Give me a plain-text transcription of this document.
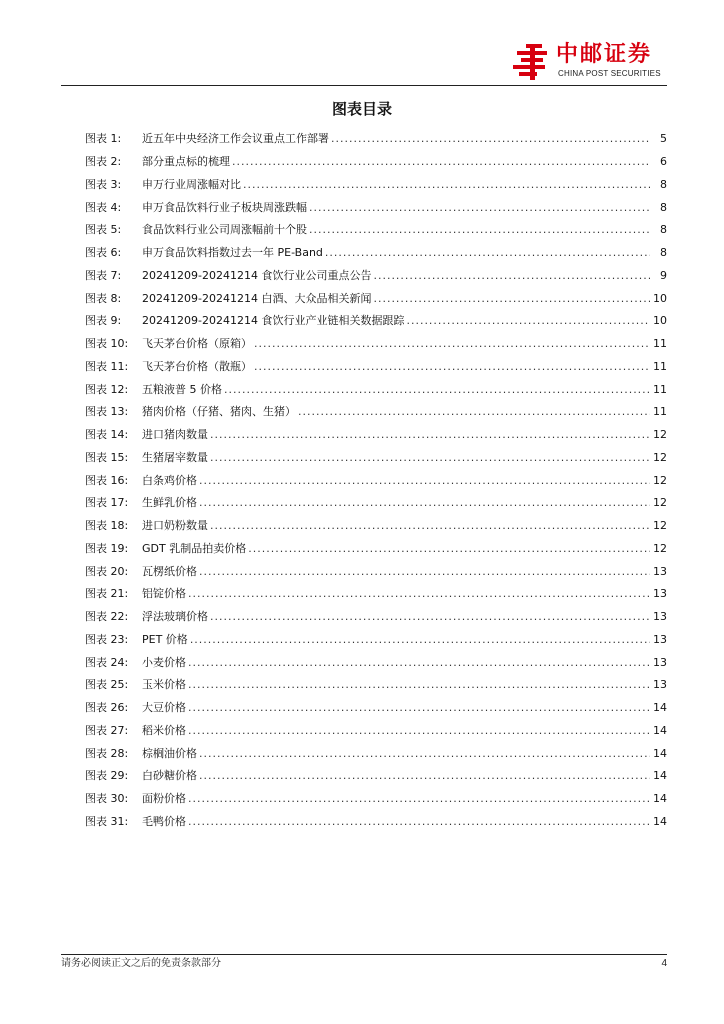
中邮证券
CHINA POST SECURITIES
图表目录
图表 1:	近五年中央经济工作会议重点工作部署 .....	5
图表 2:	部分重点标的梳理 .....	6
图表 3:	申万行业周涨幅对比 .....	8
图表 4:	申万食品饮料行业子板块周涨跌幅 .....	8
图表 5:	食品饮料行业公司周涨幅前十个股 .....	8
图表 6:	申万食品饮料指数过去一年 PE-Band .....	8
图表 7:	20241209-20241214 食饮行业公司重点公告 .....	9
图表 8:	20241209-20241214 白酒、大众品相关新闻 .....	10
图表 9:	20241209-20241214 食饮行业产业链相关数据跟踪 .....	10
图表 10:	飞天茅台价格（原箱） .....	11
图表 11:	飞天茅台价格（散瓶） .....	11
图表 12:	五粮液普 5 价格 .....	11
图表 13:	猪肉价格（仔猪、猪肉、生猪） .....	11
图表 14:	进口猪肉数量 .....	12
图表 15:	生猪屠宰数量 .....	12
图表 16:	白条鸡价格 .....	12
图表 17:	生鲜乳价格 .....	12
图表 18:	进口奶粉数量 .....	12
图表 19:	GDT 乳制品拍卖价格 .....	12
图表 20:	瓦楞纸价格 .....	13
图表 21:	铝锭价格 .....	13
图表 22:	浮法玻璃价格 .....	13
图表 23:	PET 价格 .....	13
图表 24:	小麦价格 .....	13
图表 25:	玉米价格 .....	13
图表 26:	大豆价格 .....	14
图表 27:	稻米价格 .....	14
图表 28:	棕榈油价格 .....	14
图表 29:	白砂糖价格 .....	14
图表 30:	面粉价格 .....	14
图表 31:	毛鸭价格 .....	14
请务必阅读正文之后的免责条款部分	4
